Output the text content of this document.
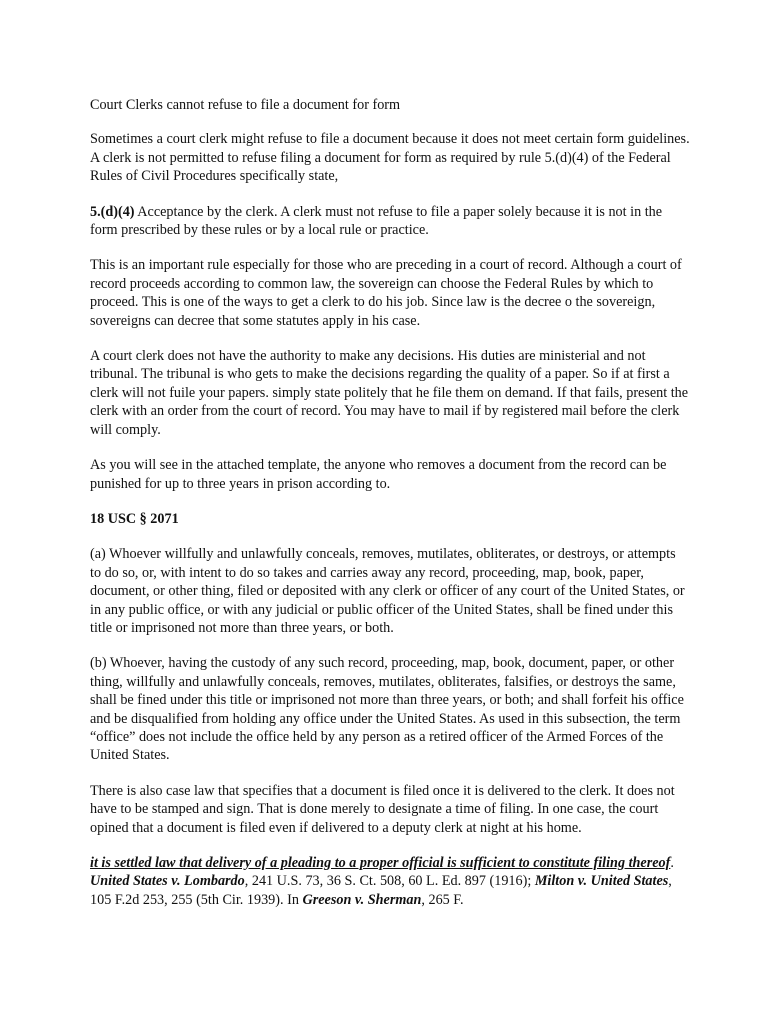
Court Clerks cannot refuse to file a document for form

Sometimes a court clerk might refuse to file a document because it does not meet certain form guidelines. A clerk is not permitted to refuse filing a document for form as required by rule 5.(d)(4) of the Federal Rules of Civil Procedures specifically state,

5.(d)(4) Acceptance by the clerk. A clerk must not refuse to file a paper solely because it is not in the form prescribed by these rules or by a local rule or practice.

This is an important rule especially for those who are preceding in a court of record. Although a court of record proceeds according to common law, the sovereign can choose the Federal Rules by which to proceed. This is one of the ways to get a clerk to do his job. Since law is the decree o the sovereign, sovereigns can decree that some statutes apply in his case.

A court clerk does not have the authority to make any decisions. His duties are ministerial and not tribunal. The tribunal is who gets to make the decisions regarding the quality of a paper. So if at first a clerk will not fuile your papers. simply state politely that he file them on demand. If that fails, present the clerk with an order from the court of record. You may have to mail if by registered mail before the clerk will comply.

As you will see in the attached template, the anyone who removes a document from the record can be punished for up to three years in prison according to.

18 USC § 2071

(a) Whoever willfully and unlawfully conceals, removes, mutilates, obliterates, or destroys, or attempts to do so, or, with intent to do so takes and carries away any record, proceeding, map, book, paper, document, or other thing, filed or deposited with any clerk or officer of any court of the United States, or in any public office, or with any judicial or public officer of the United States, shall be fined under this title or imprisoned not more than three years, or both.

(b) Whoever, having the custody of any such record, proceeding, map, book, document, paper, or other thing, willfully and unlawfully conceals, removes, mutilates, obliterates, falsifies, or destroys the same, shall be fined under this title or imprisoned not more than three years, or both; and shall forfeit his office and be disqualified from holding any office under the United States. As used in this subsection, the term “office” does not include the office held by any person as a retired officer of the Armed Forces of the United States.

There is also case law that specifies that a document is filed once it is delivered to the clerk. It does not have to be stamped and sign. That is done merely to designate a time of filing. In one case, the court opined that a document is filed even if delivered to a deputy clerk at night at his home.

it is settled law that delivery of a pleading to a proper official is sufficient to constitute filing thereof. United States v. Lombardo, 241 U.S. 73, 36 S. Ct. 508, 60 L. Ed. 897 (1916); Milton v. United States, 105 F.2d 253, 255 (5th Cir. 1939). In Greeson v. Sherman, 265 F.
